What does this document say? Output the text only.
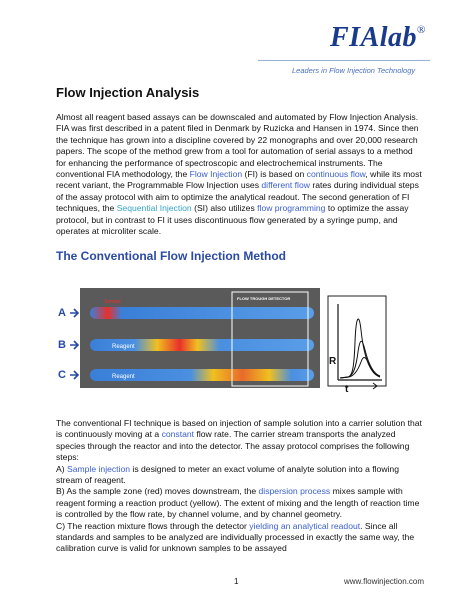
FIAlab®
Leaders in Flow Injection Technology
Flow Injection Analysis
Almost all reagent based assays can be downscaled and automated by Flow Injection Analysis. FIA was first described in a patent filed in Denmark by Ruzicka and Hansen in 1974. Since then the technique has grown into a discipline covered by 22 monographs and over 20,000 research papers. The scope of the method grew from a tool for automation of serial assays to a method for enhancing the performance of spectroscopic and electrochemical instruments. The conventional FIA methodology, the Flow Injection (FI) is based on continuous flow, while its most recent variant, the Programmable Flow Injection uses different flow rates during individual steps of the assay protocol with aim to optimize the analytical readout. The second generation of FI techniques, the Sequential Injection (SI) also utilizes flow programming to optimize the assay protocol, but in contrast to FI it uses discontinuous flow generated by a syringe pump, and operates at microliter scale.
The Conventional Flow Injection Method
A
B
C
Sample
Reagent
Reagent
FLOW TROUGH DETECTOR
R
t
The conventional FI technique is based on injection of sample solution into a carrier solution that is continuously moving at a constant flow rate. The carrier stream transports the analyzed species through the reactor and into the detector. The assay protocol comprises the following steps:
A) Sample injection is designed to meter an exact volume of analyte solution into a flowing stream of reagent.
B) As the sample zone (red) moves downstream, the dispersion process mixes sample with reagent forming a reaction product (yellow). The extent of mixing and the length of reaction time is controlled by the flow rate, by channel volume, and by channel geometry.
C) The reaction mixture flows through the detector yielding an analytical readout. Since all standards and samples to be analyzed are individually processed in exactly the same way, the calibration curve is valid for unknown samples to be assayed
1	www.flowinjection.com
